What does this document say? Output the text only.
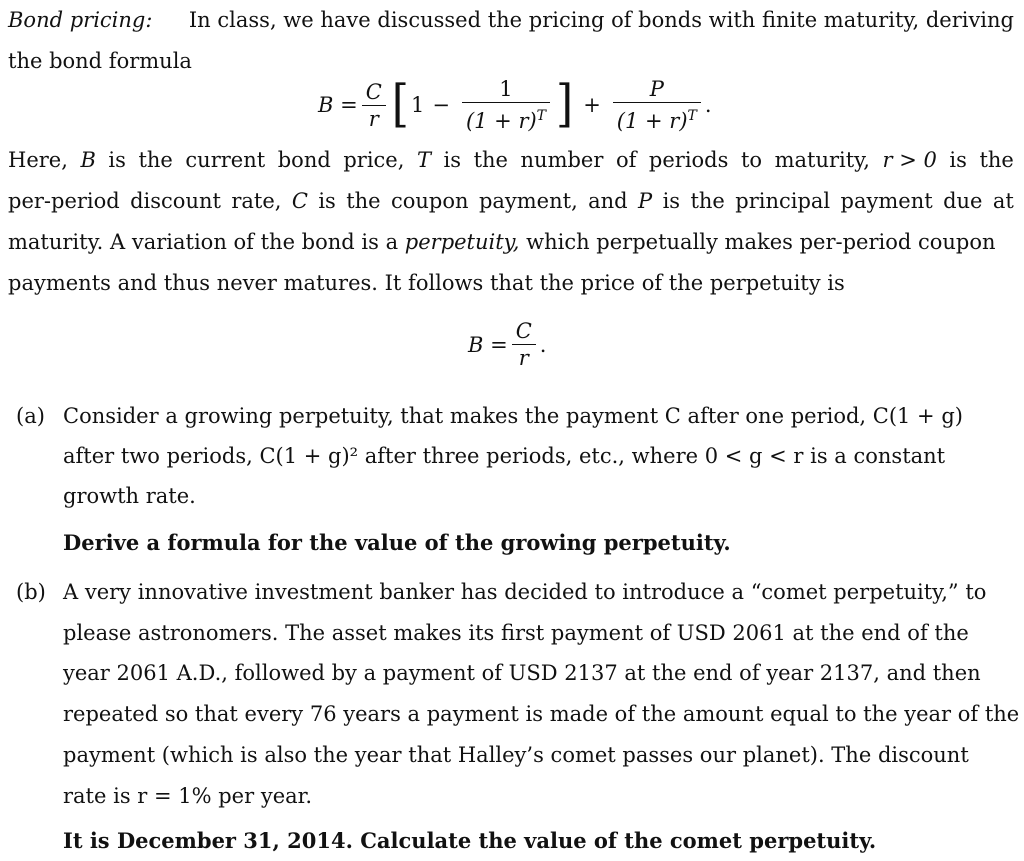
Bond pricing: In class, we have discussed the pricing of bonds with finite maturity, deriving

the bond formula

$B = \frac{C}{r}$ [ $1 - \frac{1}{(1 + r)^T}$ ] + $\frac{P}{(1 + r)^T}$ .

Here, B is the current bond price, T is the number of periods to maturity, r > 0 is the

per-period discount rate, C is the coupon payment, and P is the principal payment due at

maturity. A variation of the bond is a perpetuity, which perpetually makes per-period coupon

payments and thus never matures. It follows that the price of the perpetuity is

$B = \frac{C}{r}$ .
(a) Consider a growing perpetuity, that makes the payment C after one period, C(1 + g)

after two periods, C(1 + g)² after three periods, etc., where 0 < g < r is a constant

growth rate.

Derive a formula for the value of the growing perpetuity.

(b) A very innovative investment banker has decided to introduce a “comet perpetuity,” to

please astronomers. The asset makes its first payment of USD 2061 at the end of the

year 2061 A.D., followed by a payment of USD 2137 at the end of year 2137, and then

repeated so that every 76 years a payment is made of the amount equal to the year of the

payment (which is also the year that Halley’s comet passes our planet). The discount

rate is r = 1% per year.

It is December 31, 2014. Calculate the value of the comet perpetuity.
